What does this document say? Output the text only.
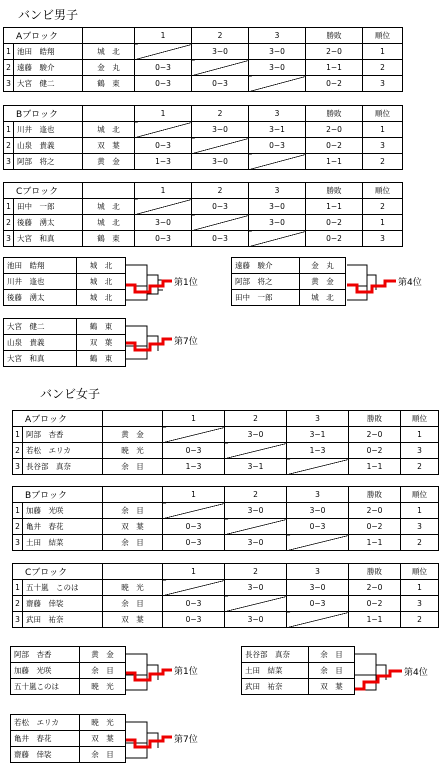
バンビ男子
バンビ女子
第1位	第4位
第7位
第1位	第4位
第7位
Aブロック			1	2	3	勝敗	順位
1	池田　皓翔	城　北		3−0	3−0	2−0	1
2	遠藤　駿介	金　丸	0−3		3−0	1−1	2
3	大宮　健二	鶴　東	0−3	0−3		0−2	3
Bブロック			1	2	3	勝敗	順位
1	川井　逢也	城　北		3−0	3−1	2−0	1
2	山泉　貴義	双　葉	0−3		0−3	0−2	3
3	阿部　将之	黄　金	1−3	3−0		1−1	2
Cブロック			1	2	3	勝敗	順位
1	田中　一郎	城　北		0−3	3−0	1−1	2
2	後藤　湧太	城　北	3−0		3−0	0−2	1
3	大宮　和真	鶴　東	0−3	0−3		0−2	3
池田　皓翔	城　北
川井　逢也	城　北
後藤　湧太	城　北
遠藤　駿介	金　丸
阿部　将之	黄　金
田中　一郎	城　北
大宮　健二	鶴　東
山泉　貴義	双　葉
大宮　和真	鶴　東
Aブロック			1	2	3	勝敗	順位
1	阿部　杏香	黄　金		3−0	3−1	2−0	1
2	若松　エリカ	暁　光	0−3		1−3	0−2	3
3	長谷部　真奈	余　目	1−3	3−1		1−1	2
Bブロック			1	2	3	勝敗	順位
1	加藤　光咲	余　目		3−0	3−0	2−0	1
2	亀井　春花	双　葉	0−3		0−3	0−2	3
3	土田　結菜	余　目	0−3	3−0		1−1	2
Cブロック			1	2	3	勝敗	順位
1	五十嵐　このは	暁　光		3−0	3−0	2−0	1
2	齋藤　倖裟	余　目	0−3		0−3	0−2	3
3	武田　祐奈	双　葉	0−3	3−0		1−1	2
阿部　杏香	黄　金
加藤　光咲	余　目
五十嵐このは	暁　光
長谷部　真奈	余　目
土田　結菜	余　目
武田　祐奈	双　葉
若松　エリカ	暁　光
亀井　春花	双　葉
齋藤　倖裟	余　目
